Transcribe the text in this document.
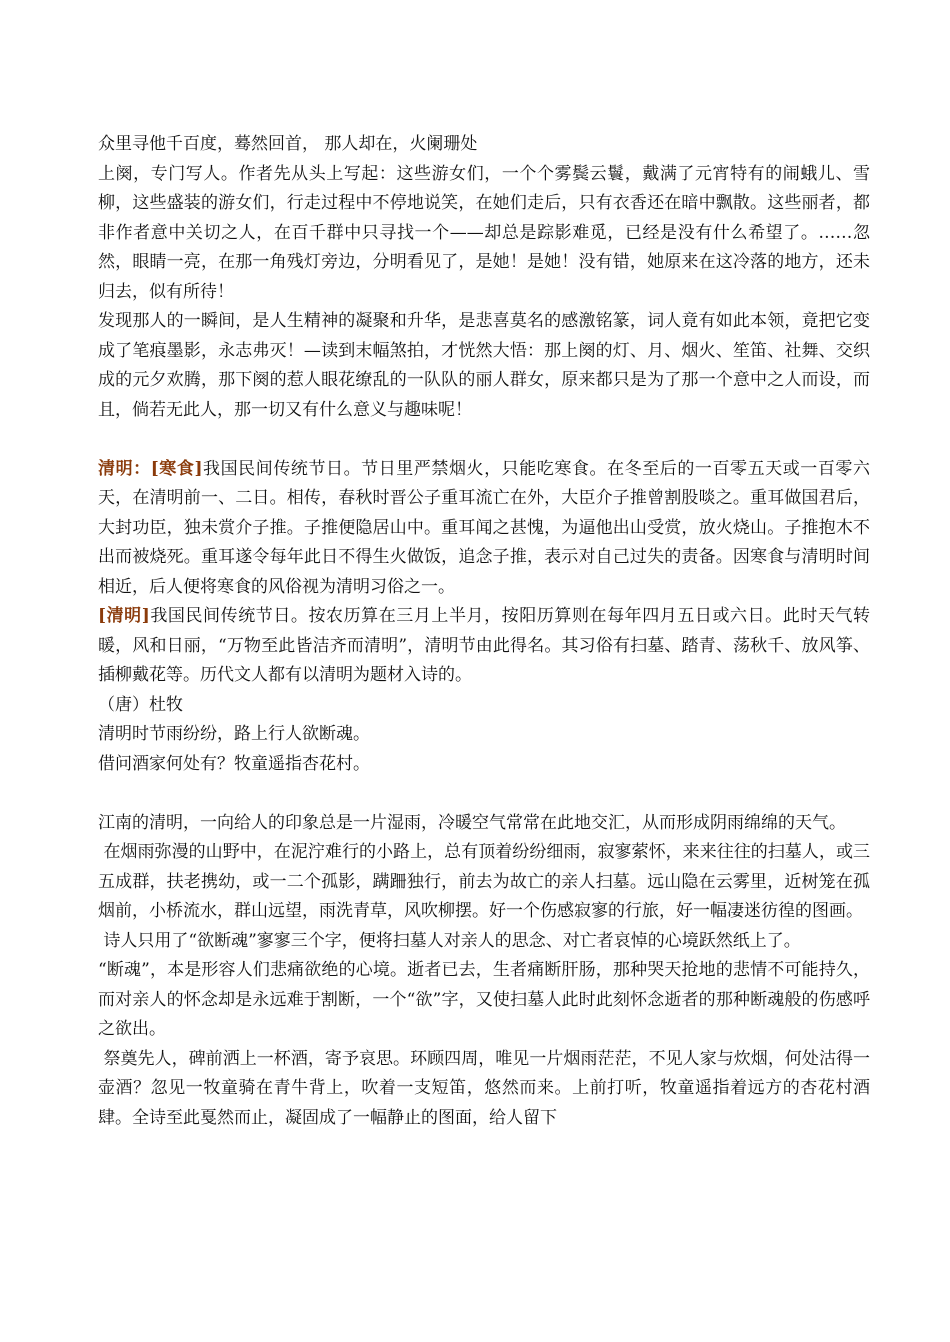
众里寻他千百度，蓦然回首， 那人却在，火阑珊处

上阕，专门写人。作者先从头上写起：这些游女们，一个个雾鬓云鬟，戴满了元宵特有的闹蛾儿、雪柳，这些盛装的游女们，行走过程中不停地说笑，在她们走后，只有衣香还在暗中飘散。这些丽者，都非作者意中关切之人，在百千群中只寻找一个——却总是踪影难觅，已经是没有什么希望了。……忽然，眼睛一亮，在那一角残灯旁边，分明看见了，是她！是她！没有错，她原来在这冷落的地方，还未归去，似有所待！

发现那人的一瞬间，是人生精神的凝聚和升华，是悲喜莫名的感激铭篆，词人竟有如此本领，竟把它变成了笔痕墨影，永志弗灭！—读到末幅煞拍，才恍然大悟：那上阕的灯、月、烟火、笙笛、社舞、交织成的元夕欢腾，那下阕的惹人眼花缭乱的一队队的丽人群女，原来都只是为了那一个意中之人而设，而且，倘若无此人，那一切又有什么意义与趣味呢！

清明：[寒食]我国民间传统节日。节日里严禁烟火，只能吃寒食。在冬至后的一百零五天或一百零六天，在清明前一、二日。相传，春秋时晋公子重耳流亡在外，大臣介子推曾割股啖之。重耳做国君后，大封功臣，独未赏介子推。子推便隐居山中。重耳闻之甚愧，为逼他出山受赏，放火烧山。子推抱木不出而被烧死。重耳遂令每年此日不得生火做饭，追念子推，表示对自己过失的责备。因寒食与清明时间相近，后人便将寒食的风俗视为清明习俗之一。

[清明]我国民间传统节日。按农历算在三月上半月，按阳历算则在每年四月五日或六日。此时天气转暖，风和日丽，“万物至此皆洁齐而清明”，清明节由此得名。其习俗有扫墓、踏青、荡秋千、放风筝、插柳戴花等。历代文人都有以清明为题材入诗的。

（唐）杜牧

清明时节雨纷纷，路上行人欲断魂。

借问酒家何处有？牧童遥指杏花村。

江南的清明，一向给人的印象总是一片湿雨，冷暖空气常常在此地交汇，从而形成阴雨绵绵的天气。

在烟雨弥漫的山野中，在泥泞难行的小路上，总有顶着纷纷细雨，寂寥萦怀，来来往往的扫墓人，或三五成群，扶老携幼，或一二个孤影，蹒跚独行，前去为故亡的亲人扫墓。远山隐在云雾里，近树笼在孤烟前，小桥流水，群山远望，雨洗青草，风吹柳摆。好一个伤感寂寥的行旅，好一幅凄迷彷徨的图画。

诗人只用了“欲断魂”寥寥三个字，便将扫墓人对亲人的思念、对亡者哀悼的心境跃然纸上了。

“断魂”，本是形容人们悲痛欲绝的心境。逝者已去，生者痛断肝肠，那种哭天抢地的悲情不可能持久，而对亲人的怀念却是永远难于割断，一个“欲”字，又使扫墓人此时此刻怀念逝者的那种断魂般的伤感呼之欲出。

祭奠先人，碑前洒上一杯酒，寄予哀思。环顾四周，唯见一片烟雨茫茫，不见人家与炊烟，何处沽得一壶酒？忽见一牧童骑在青牛背上，吹着一支短笛，悠然而来。上前打听，牧童遥指着远方的杏花村酒肆。全诗至此戛然而止，凝固成了一幅静止的图面，给人留下
